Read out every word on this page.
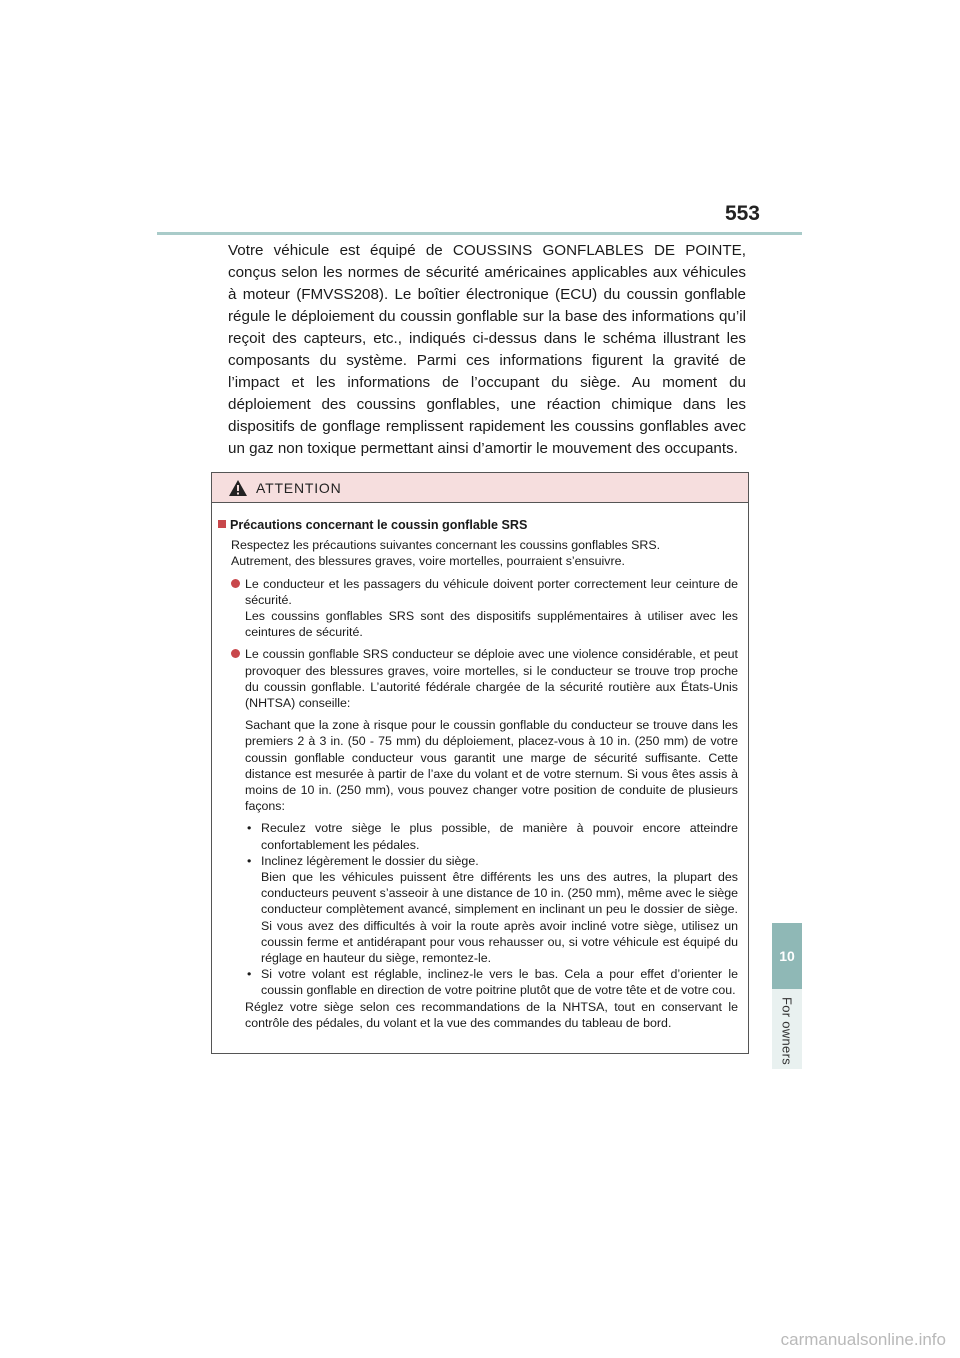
553
10
For owners

Votre véhicule est équipé de COUSSINS GONFLABLES DE POINTE, conçus selon les normes de sécurité américaines applicables aux véhicules à moteur (FMVSS208). Le boîtier électronique (ECU) du coussin gonflable régule le déploiement du coussin gonflable sur la base des informations qu’il reçoit des capteurs, etc., indiqués ci-dessus dans le schéma illustrant les composants du système. Parmi ces informations figurent la gravité de l’impact et les informations de l’occupant du siège. Au moment du déploiement des coussins gonflables, une réaction chimique dans les dispositifs de gonflage remplissent rapidement les coussins gonflables avec un gaz non toxique permettant ainsi d’amortir le mouvement des occupants.

ATTENTION
Précautions concernant le coussin gonflable SRS
Respectez les précautions suivantes concernant les coussins gonflables SRS.
Autrement, des blessures graves, voire mortelles, pourraient s’ensuivre.

Le conducteur et les passagers du véhicule doivent porter correctement leur ceinture de sécurité.

Les coussins gonflables SRS sont des dispositifs supplémentaires à utiliser avec les ceintures de sécurité.

Le coussin gonflable SRS conducteur se déploie avec une violence considérable, et peut provoquer des blessures graves, voire mortelles, si le conducteur se trouve trop proche du coussin gonflable. L’autorité fédérale chargée de la sécurité routière aux États-Unis (NHTSA) conseille:

Sachant que la zone à risque pour le coussin gonflable du conducteur se trouve dans les premiers 2 à 3 in. (50 - 75 mm) du déploiement, placez-vous à 10 in. (250 mm) de votre coussin gonflable conducteur vous garantit une marge de sécurité suffisante. Cette distance est mesurée à partir de l’axe du volant et de votre sternum. Si vous êtes assis à moins de 10 in. (250 mm), vous pouvez changer votre position de conduite de plusieurs façons:

• Reculez votre siège le plus possible, de manière à pouvoir encore atteindre confortablement les pédales.
• Inclinez légèrement le dossier du siège.

Bien que les véhicules puissent être différents les uns des autres, la plupart des conducteurs peuvent s’asseoir à une distance de 10 in. (250 mm), même avec le siège conducteur complètement avancé, simplement en inclinant un peu le dossier de siège. Si vous avez des difficultés à voir la route après avoir incliné votre siège, utilisez un coussin ferme et antidérapant pour vous rehausser ou, si votre véhicule est équipé du réglage en hauteur du siège, remontez-le.

• Si votre volant est réglable, inclinez-le vers le bas. Cela a pour effet d’orienter le coussin gonflable en direction de votre poitrine plutôt que de votre tête et de votre cou.

Réglez votre siège selon ces recommandations de la NHTSA, tout en conservant le contrôle des pédales, du volant et la vue des commandes du tableau de bord.

carmanualsonline.info
